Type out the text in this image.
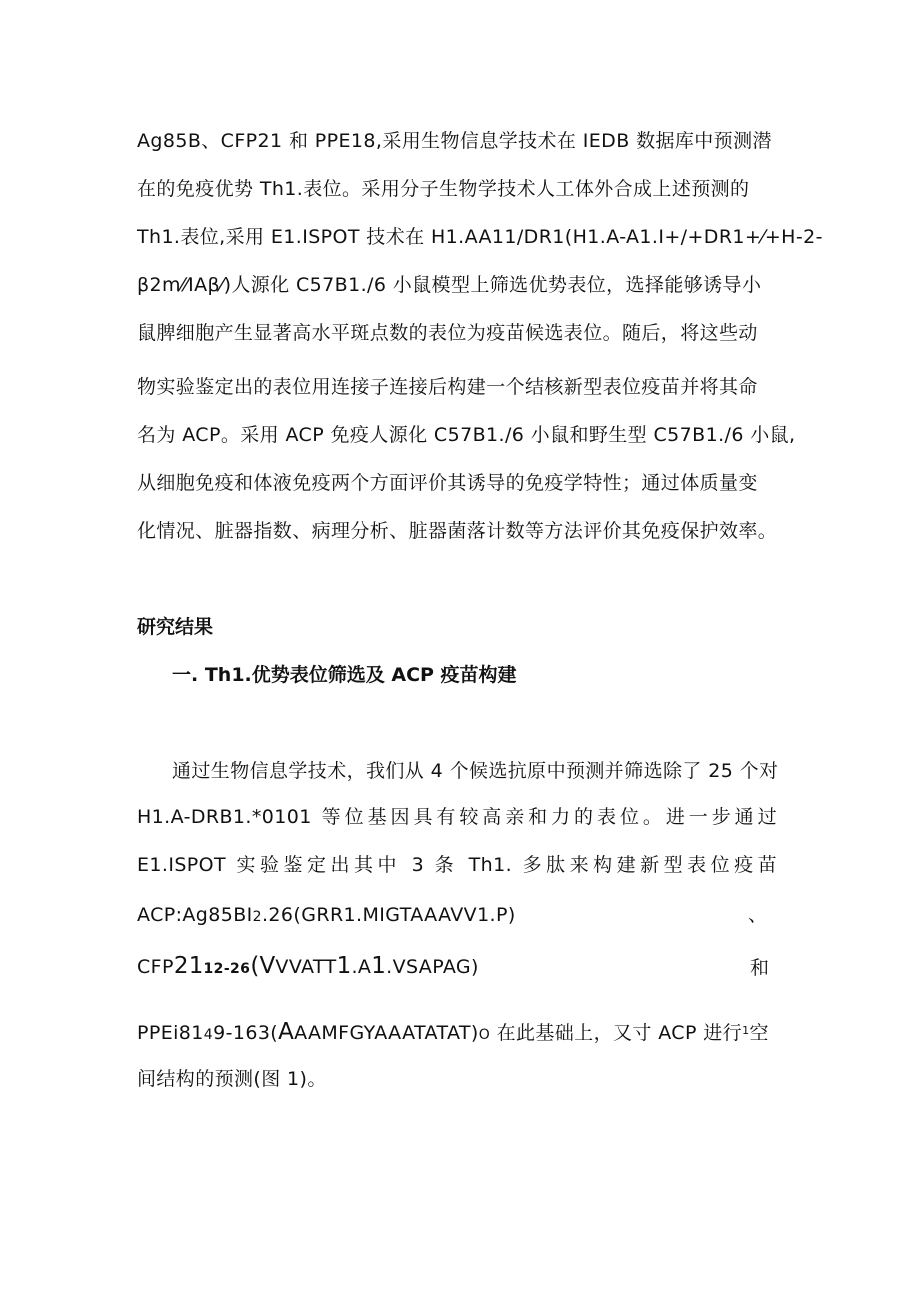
Ag85B、CFP21 和 PPE18,采用生物信息学技术在 IEDB 数据库中预测潜
在的免疫优势 Th1.表位。采用分子生物学技术人工体外合成上述预测的
Th1.表位,采用 E1.ISPOT 技术在 H1.AA11/DR1(H1.A-A1.I+/+DR1+⁄+H-2-
β2m⁄⁄IAβ⁄)人源化 C57B1./6 小鼠模型上筛选优势表位，选择能够诱导小
鼠脾细胞产生显著高水平斑点数的表位为疫苗候选表位。随后，将这些动
物实验鉴定出的表位用连接子连接后构建一个结核新型表位疫苗并将其命
名为 ACP。采用 ACP 免疫人源化 C57B1./6 小鼠和野生型 C57B1./6 小鼠,
从细胞免疫和体液免疫两个方面评价其诱导的免疫学特性；通过体质量变
化情况、脏器指数、病理分析、脏器菌落计数等方法评价其免疫保护效率。
研究结果
一. Th1.优势表位筛选及 ACP 疫苗构建
通过生物信息学技术，我们从 4 个候选抗原中预测并筛选除了 25 个对
H1.A-DRB1.*0101 等位基因具有较高亲和力的表位。进一步通过
E1.ISPOT 实验鉴定出其中 3 条 Th1. 多肽来构建新型表位疫苗
ACP:Ag85BI2.26(GRR1.MIGTAAAVV1.P)	、
CFP2112-26(VVVATT1.A1.VSAPAG)	和
PPEi8149-163(AAAMFGYAAATATAT)O 在此基础上，又寸 ACP 进行$^1$空
间结构的预测(图 1)。
